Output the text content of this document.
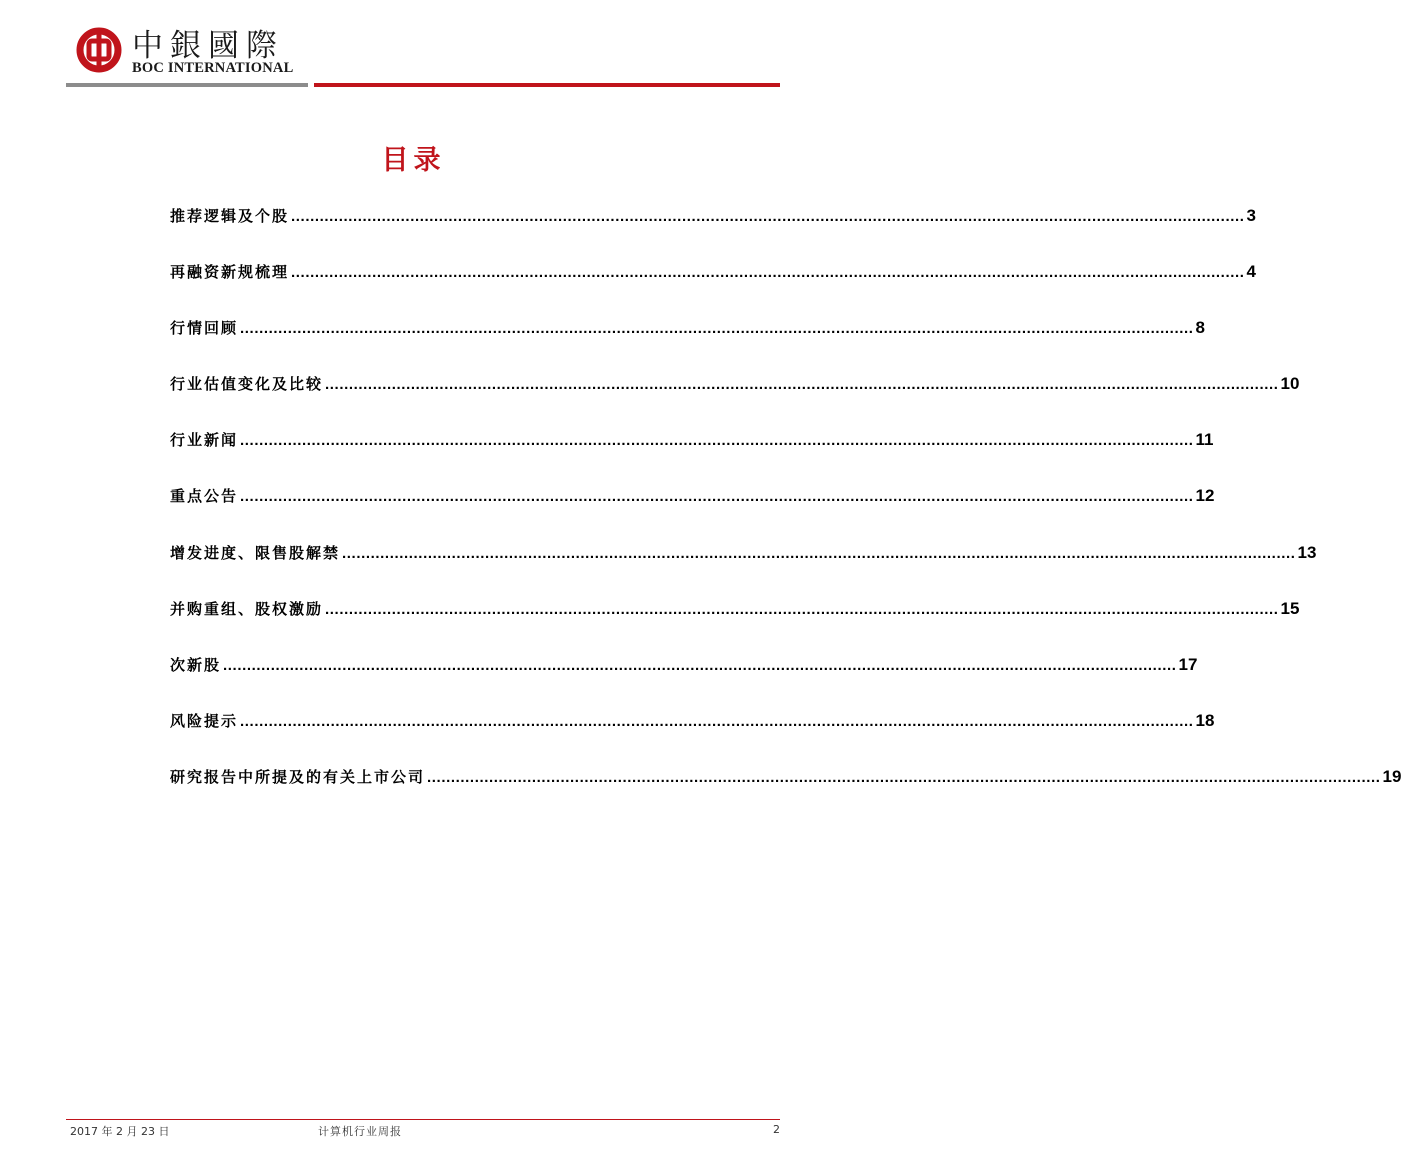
中銀國際
BOC INTERNATIONAL
目录
推荐逻辑及个股 ........................................................................................................................................................................................................ 3
再融资新规梳理 ........................................................................................................................................................................................................ 4
行情回顾 ........................................................................................................................................................................................................ 8
行业估值变化及比较 ........................................................................................................................................................................................................ 10
行业新闻 ........................................................................................................................................................................................................ 11
重点公告 ........................................................................................................................................................................................................ 12
增发进度、限售股解禁 ........................................................................................................................................................................................................ 13
并购重组、股权激励 ........................................................................................................................................................................................................ 15
次新股 ........................................................................................................................................................................................................ 17
风险提示 ........................................................................................................................................................................................................ 18
研究报告中所提及的有关上市公司 ........................................................................................................................................................................................................ 19
2017 年 2 月 23 日	计算机行业周报	2
